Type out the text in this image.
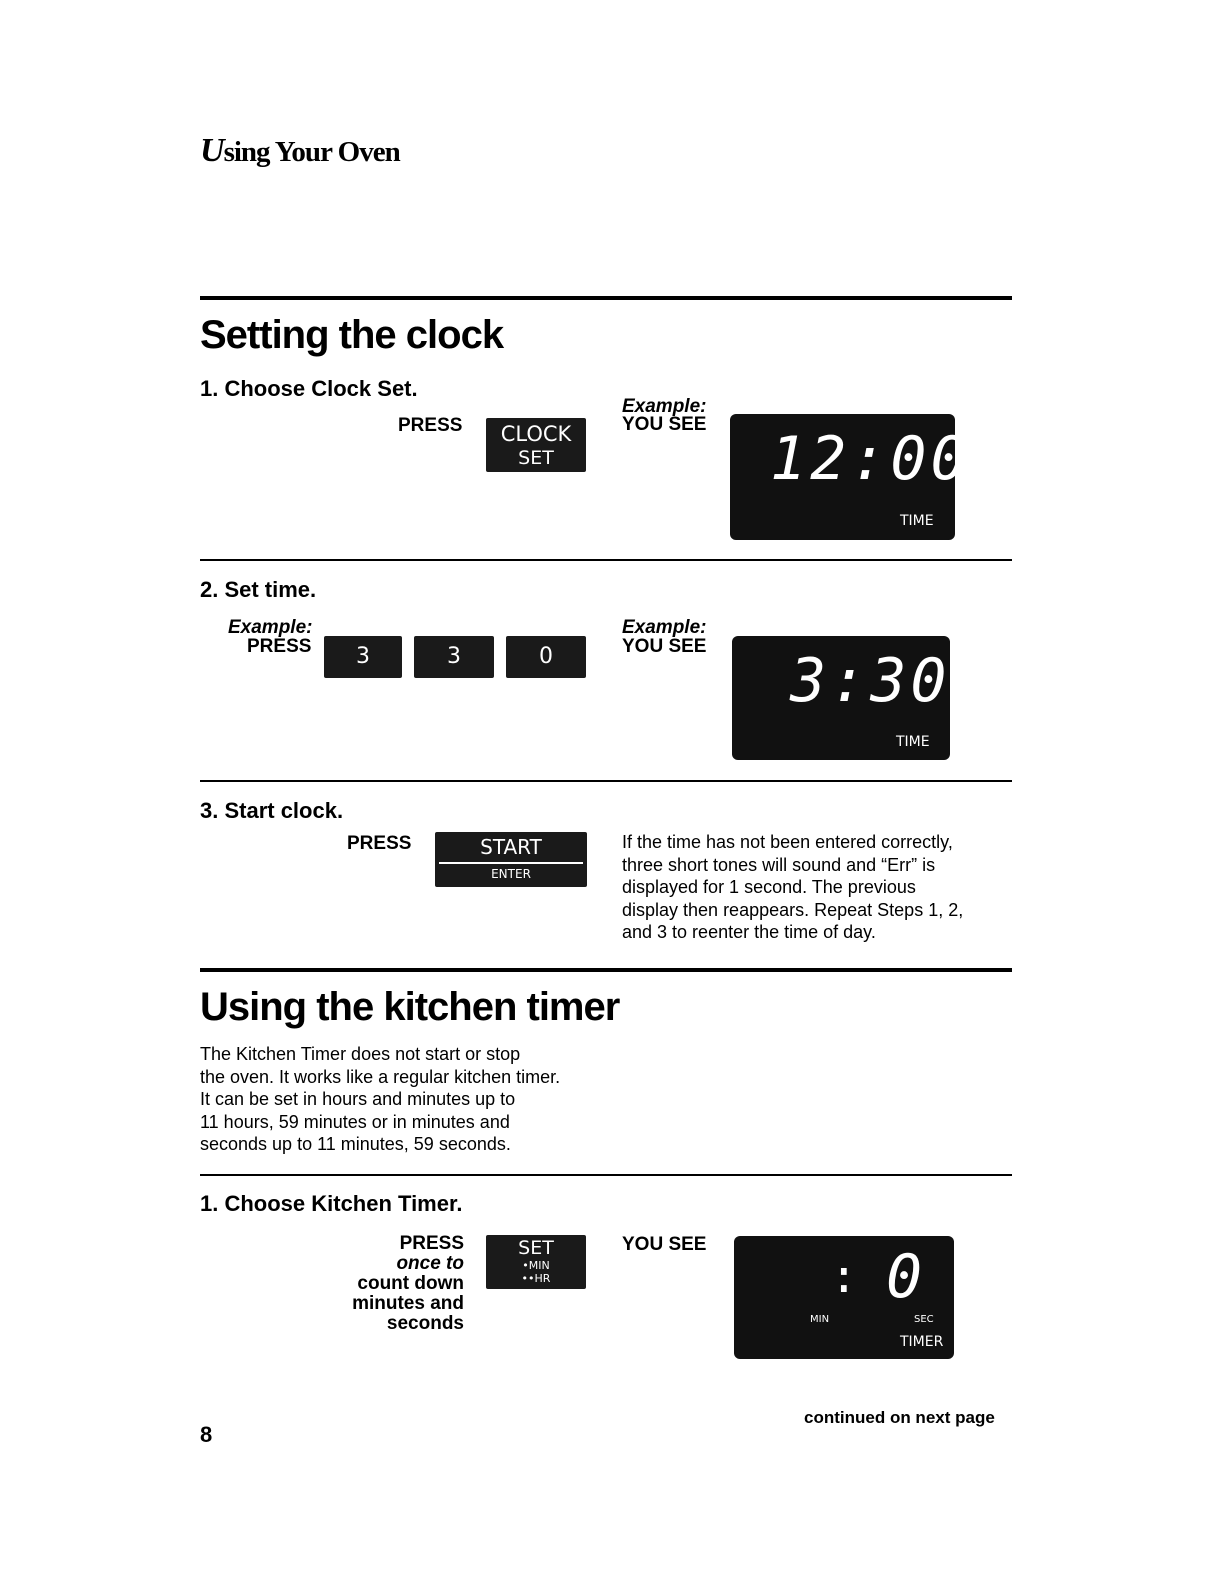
Using Your Oven
Setting the clock
1. Choose Clock Set.
PRESS	CLOCK
SET
Example:
YOU SEE 12:00
TIME
2. Set time.
Example:
PRESS	3	3	0
Example:
YOU SEE 3:30
TIME
3. Start clock.
PRESS	START
ENTER
If the time has not been entered correctly,
three short tones will sound and “Err” is
displayed for 1 second. The previous
display then reappears. Repeat Steps 1, 2,
and 3 to reenter the time of day.
Using the kitchen timer
The Kitchen Timer does not start or stop
the oven. It works like a regular kitchen timer.
It can be set in hours and minutes up to
11 hours, 59 minutes or in minutes and
seconds up to 11 minutes, 59 seconds.
1. Choose Kitchen Timer.
PRESS
once to
count down
minutes and
seconds
SET
•MIN
••HR
YOU SEE
: 0
MIN	SEC
TIMER
continued on next page
8
